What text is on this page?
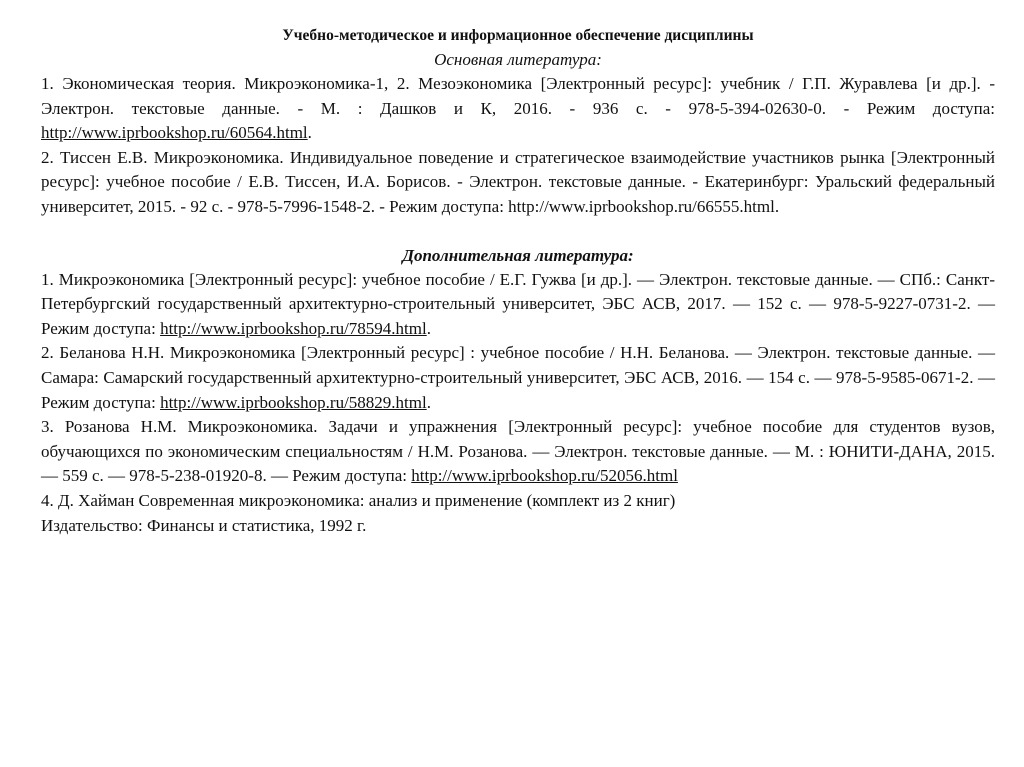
Учебно-методическое и информационное обеспечение дисциплины

Основная литература:

1. Экономическая теория. Микроэкономика-1, 2. Мезоэкономика [Электронный ресурс]: учебник / Г.П. Журавлева [и др.]. - Электрон. текстовые данные. - М. : Дашков и К, 2016. - 936 с. - 978-5-394-02630-0. - Режим доступа: http://www.iprbookshop.ru/60564.html.

2. Тиссен Е.В. Микроэкономика. Индивидуальное поведение и стратегическое взаимодействие участников рынка [Электронный ресурс]: учебное пособие / Е.В. Тиссен, И.А. Борисов. - Электрон. текстовые данные. - Екатеринбург: Уральский федеральный университет, 2015. - 92 с. - 978-5-7996-1548-2. - Режим доступа: http://www.iprbookshop.ru/66555.html.

Дополнительная литература:

1. Микроэкономика [Электронный ресурс]: учебное пособие / Е.Г. Гужва [и др.]. — Электрон. текстовые данные. — СПб.: Санкт-Петербургский государственный архитектурно-строительный университет, ЭБС АСВ, 2017. — 152 c. — 978-5-9227-0731-2. — Режим доступа: http://www.iprbookshop.ru/78594.html.

2. Беланова Н.Н. Микроэкономика [Электронный ресурс] : учебное пособие / Н.Н. Беланова. — Электрон. текстовые данные. — Самара: Самарский государственный архитектурно-строительный университет, ЭБС АСВ, 2016. — 154 c. — 978-5-9585-0671-2. — Режим доступа: http://www.iprbookshop.ru/58829.html.

3. Розанова Н.М. Микроэкономика. Задачи и упражнения [Электронный ресурс]: учебное пособие для студентов вузов, обучающихся по экономическим специальностям / Н.М. Розанова. — Электрон. текстовые данные. — М. : ЮНИТИ-ДАНА, 2015. — 559 c. — 978-5-238-01920-8. — Режим доступа: http://www.iprbookshop.ru/52056.html

4. Д. Хайман Современная микроэкономика: анализ и применение (комплект из 2 книг)

Издательство: Финансы и статистика, 1992 г.
